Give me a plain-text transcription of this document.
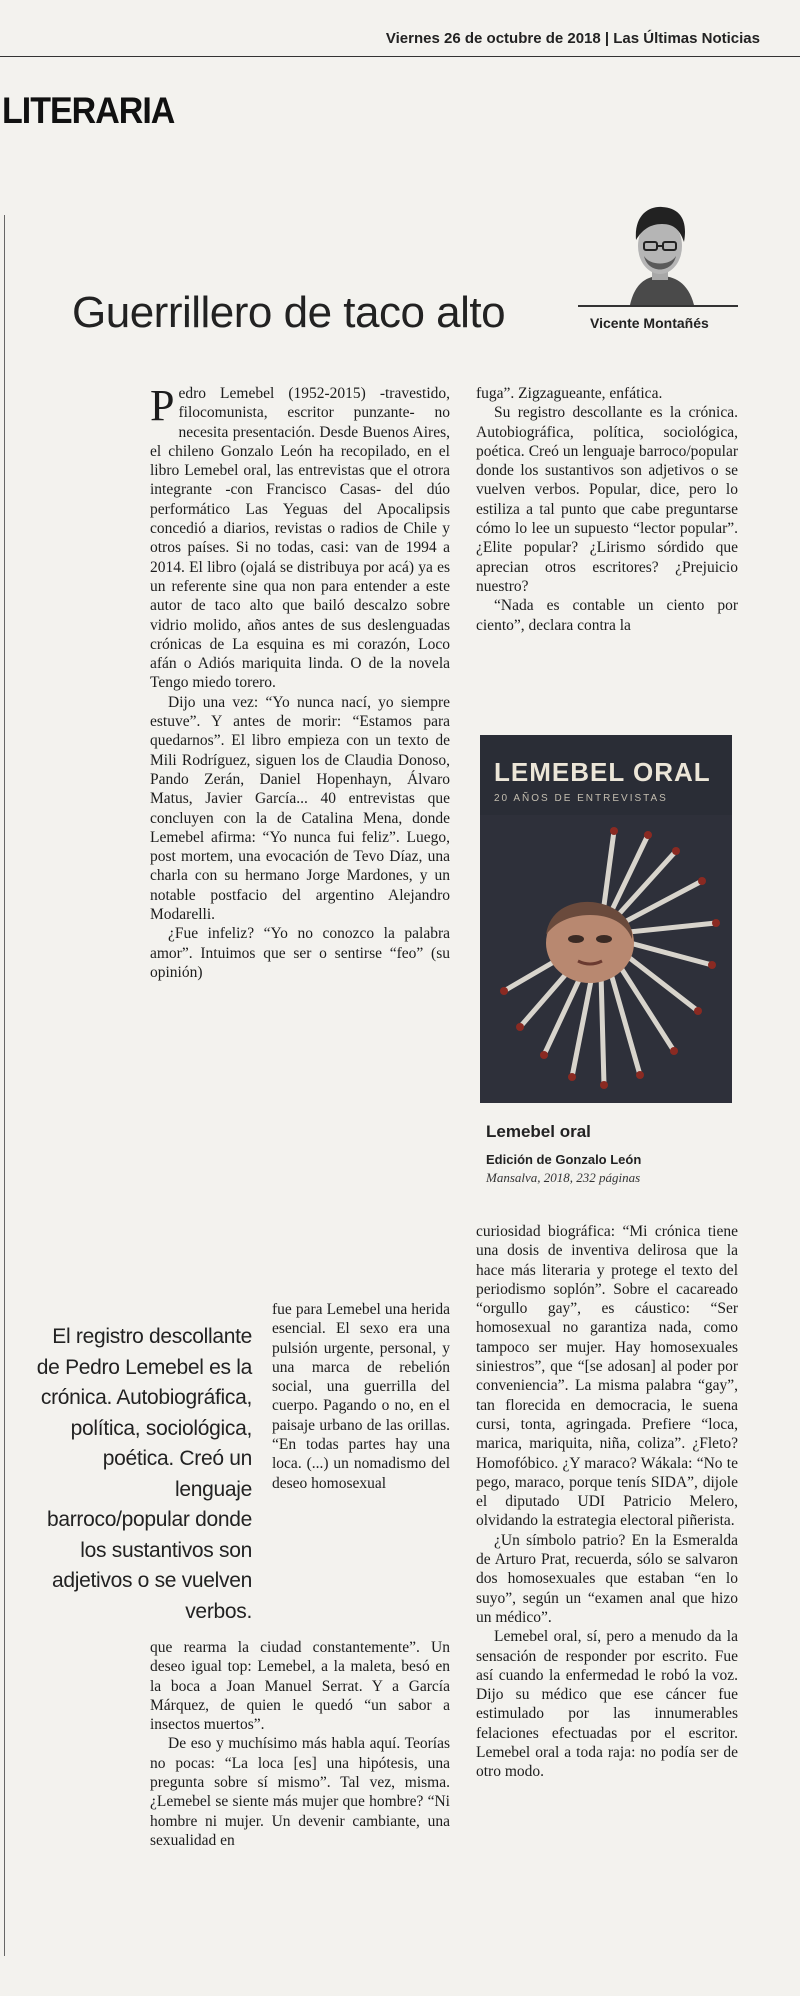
Viernes 26 de octubre de 2018 | Las Últimas Noticias
LITERARIA
Guerrillero de taco alto	Vicente Montañés

Pedro Lemebel (1952-2015) -travestido, filocomunista, escritor punzante- no necesita presentación. Desde Buenos Aires, el chileno Gonzalo León ha recopilado, en el libro Lemebel oral, las entrevistas que el otrora integrante -con Francisco Casas- del dúo performático Las Yeguas del Apocalipsis concedió a diarios, revistas o radios de Chile y otros países. Si no todas, casi: van de 1994 a 2014. El libro (ojalá se distribuya por acá) ya es un referente sine qua non para entender a este autor de taco alto que bailó descalzo sobre vidrio molido, años antes de sus deslenguadas crónicas de La esquina es mi corazón, Loco afán o Adiós mariquita linda. O de la novela Tengo miedo torero.

Dijo una vez: “Yo nunca nací, yo siempre estuve”. Y antes de morir: “Estamos para quedarnos”. El libro empieza con un texto de Mili Rodríguez, siguen los de Claudia Donoso, Pando Zerán, Daniel Hopenhayn, Álvaro Matus, Javier García... 40 entrevistas que concluyen con la de Catalina Mena, donde Lemebel afirma: “Yo nunca fui feliz”. Luego, post mortem, una evocación de Tevo Díaz, una charla con su hermano Jorge Mardones, y un notable postfacio del argentino Alejandro Modarelli.

¿Fue infeliz? “Yo no conozco la palabra amor”. Intuimos que ser o sentirse “feo” (su opinión)

El registro descollante de Pedro Lemebel es la crónica. Autobiográfica, política, sociológica, poética. Creó un lenguaje barroco/popular donde los sustantivos son adjetivos o se vuelven verbos.

fue para Lemebel una herida esencial. El sexo era una pulsión urgente, personal, y una marca de rebelión social, una guerrilla del cuerpo. Pagando o no, en el paisaje urbano de las orillas. “En todas partes hay una loca. (...) un nomadismo del deseo homosexual

que rearma la ciudad constantemente”. Un deseo igual top: Lemebel, a la maleta, besó en la boca a Joan Manuel Serrat. Y a García Márquez, de quien le quedó “un sabor a insectos muertos”.

De eso y muchísimo más habla aquí. Teorías no pocas: “La loca [es] una hipótesis, una pregunta sobre sí mismo”. Tal vez, misma. ¿Lemebel se siente más mujer que hombre? “Ni hombre ni mujer. Un devenir cambiante, una sexualidad en

fuga”. Zigzagueante, enfática.

Su registro descollante es la crónica. Autobiográfica, política, sociológica, poética. Creó un lenguaje barroco/popular donde los sustantivos son adjetivos o se vuelven verbos. Popular, dice, pero lo estiliza a tal punto que cabe preguntarse cómo lo lee un supuesto “lector popular”. ¿Elite popular? ¿Lirismo sórdido que aprecian otros escritores? ¿Prejuicio nuestro?

“Nada es contable un ciento por ciento”, declara contra la

LEMEBEL ORAL
20 AÑOS DE ENTREVISTAS
Lemebel oral
Edición de Gonzalo León
Mansalva, 2018, 232 páginas

curiosidad biográfica: “Mi crónica tiene una dosis de inventiva delirosa que la hace más literaria y protege el texto del periodismo soplón”. Sobre el cacareado “orgullo gay”, es cáustico: “Ser homosexual no garantiza nada, como tampoco ser mujer. Hay homosexuales siniestros”, que “[se adosan] al poder por conveniencia”. La misma palabra “gay”, tan florecida en democracia, le suena cursi, tonta, agringada. Prefiere “loca, marica, mariquita, niña, coliza”. ¿Fleto? Homofóbico. ¿Y maraco? Wákala: “No te pego, maraco, porque tenís SIDA”, dijole el diputado UDI Patricio Melero, olvidando la estrategia electoral piñerista.

¿Un símbolo patrio? En la Esmeralda de Arturo Prat, recuerda, sólo se salvaron dos homosexuales que estaban “en lo suyo”, según un “examen anal que hizo un médico”.

Lemebel oral, sí, pero a menudo da la sensación de responder por escrito. Fue así cuando la enfermedad le robó la voz. Dijo su médico que ese cáncer fue estimulado por las innumerables felaciones efectuadas por el escritor. Lemebel oral a toda raja: no podía ser de otro modo.
